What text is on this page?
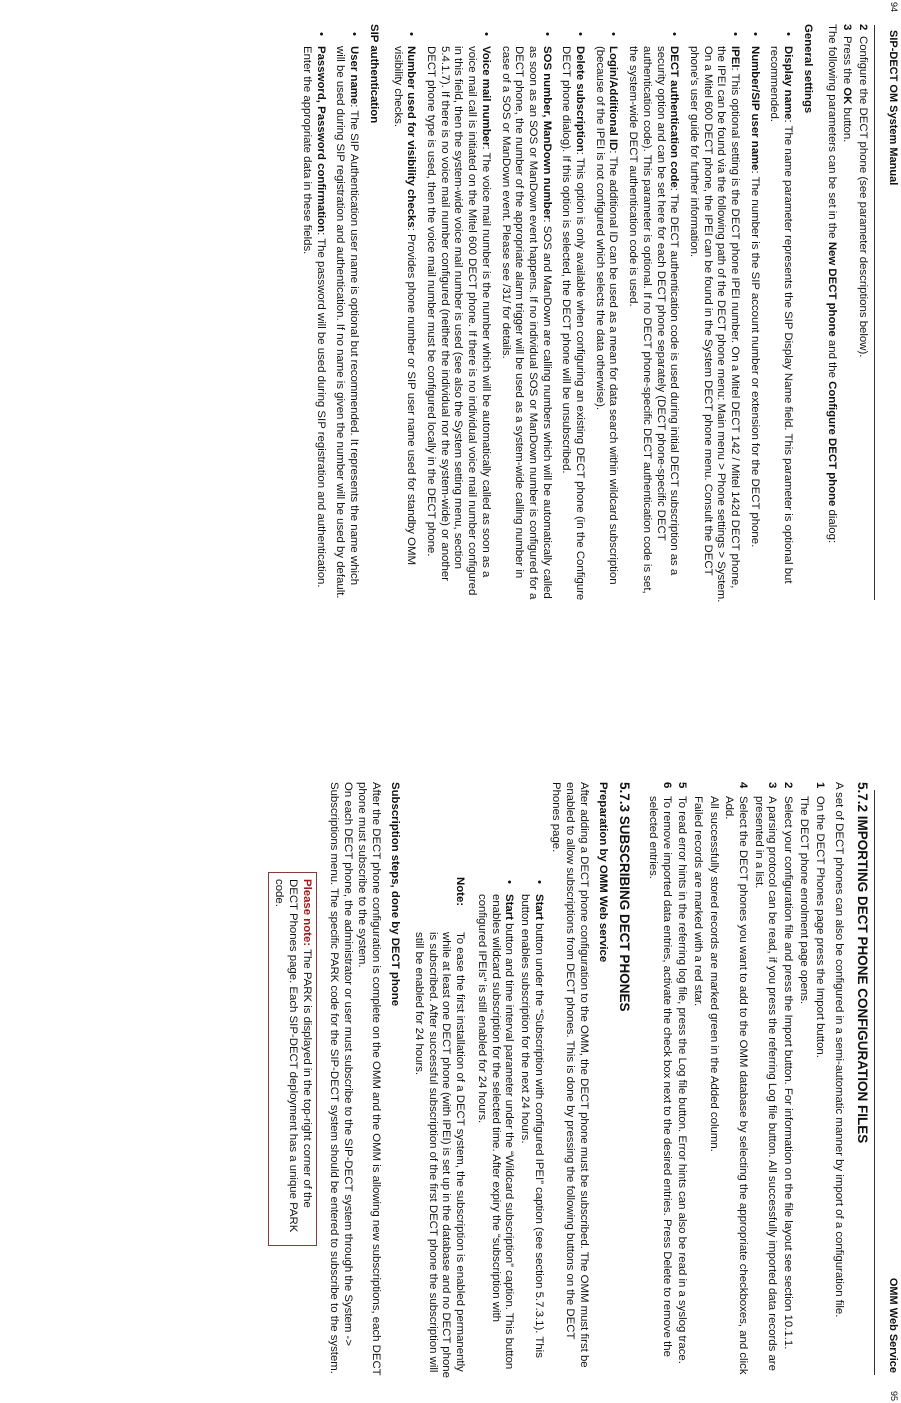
94
SIP-DECT OM System Manual
2
Configure the DECT phone (see parameter descriptions below).
3
Press the OK button.

The following parameters can be set in the New DECT phone and the Configure DECT phone dialog:

General settings
• Display name: The name parameter represents the SIP Display Name field. This parameter is optional but recommended.
• Number/SIP user name: The number is the SIP account number or extension for the DECT phone.
• IPEI: This optional setting is the DECT phone IPEI number. On a Mitel DECT 142 / Mitel 142d DECT phone, the IPEI can be found via the following path of the DECT phone menu: Main menu > Phone settings > System. On a Mitel 600 DECT phone, the IPEI can be found in the System DECT phone menu. Consult the DECT phone's user guide for further information.
• DECT authentication code: The DECT authentication code is used during initial DECT subscription as a security option and can be set here for each DECT phone separately (DECT phone-specific DECT authentication code). This parameter is optional. If no DECT phone-specific DECT authentication code is set, the system-wide DECT authentication code is used.
• Login/Additional ID: The additional ID can be used as a mean for data search within wildcard subscription (because of the IPEI is not configured which selects the data otherwise).
• Delete subscription: This option is only available when configuring an existing DECT phone (in the Configure DECT phone dialog). If this option is selected, the DECT phone will be unsubscribed.
• SOS number, ManDown number: SOS and ManDown are calling numbers which will be automatically called as soon as an SOS or ManDown event happens. If no individual SOS or ManDown number is configured for a DECT phone, the number of the appropriate alarm trigger will be used as a system-wide calling number in case of a SOS or ManDown event. Please see /31/ for details.
• Voice mail number: The voice mail number is the number which will be automatically called as soon as a voice mail call is initiated on the Mitel 600 DECT phone. If there is no individual voice mail number configured in this field, then the system-wide voice mail number is used (see also the System setting menu, section 5.4.1.7). If there is no voice mail number configured (neither the individual nor the system-wide) or another DECT phone type is used, then the voice mail number must be configured locally in the DECT phone.
• Number used for visibility checks: Provides phone number or SIP user name used for standby OMM visibility checks.
SIP authentication
• User name: The SIP Authentication user name is optional but recommended. It represents the name which will be used during SIP registration and authentication. If no name is given the number will be used by default.
• Password, Password confirmation: The password will be used during SIP registration and authentication. Enter the appropriate data in these fields.
95
OMM Web Service
5.7.2 IMPORTING DECT PHONE CONFIGURATION FILES

A set of DECT phones can also be configured in a semi-automatic manner by import of a configuration file.

1
On the DECT Phones page press the Import button.
The DECT phone enrolment page opens.
2
Select your configuration file and press the Import button. For information on the file layout see section 10.1.1.
3
A parsing protocol can be read, if you press the referring Log file button. All successfully imported data records are presented in a list.
4
Select the DECT phones you want to add to the OMM database by selecting the appropriate checkboxes, and click Add.
All successfully stored records are marked green in the Added column.
Failed records are marked with a red star.
5
To read error hints in the referring log file, press the Log file button. Error hints can also be read in a syslog trace.
6
To remove imported data entries, activate the check box next to the desired entries. Press Delete to remove the selected entries.
5.7.3 SUBSCRIBING DECT PHONES
Preparation by OMM Web service

After adding a DECT phone configuration to the OMM, the DECT phone must be subscribed. The OMM must first be enabled to allow subscriptions from DECT phones. This is done by pressing the following buttons on the DECT Phones page.

• Start button under the “Subscription with configured IPEI” caption (see section 5.7.3.1). This button enables subscription for the next 24 hours.
• Start button and time interval parameter under the “Wildcard subscription” caption. This button enables wildcard subscription for the selected time. After expiry the “subscription with configured IPEIs” is still enabled for 24 hours.
Note:
To ease the first installation of a DECT system, the subscription is enabled permanently while at least one DECT phone (with IPEI) is set up in the database and no DECT phone is subscribed. After successful subscription of the first DECT phone the subscription will still be enabled for 24 hours.
Subscription steps, done by DECT phone

After the DECT phone configuration is complete on the OMM and the OMM is allowing new subscriptions, each DECT phone must subscribe to the system.

On each DECT phone, the administrator or user must subscribe to the SIP-DECT system through the System -> Subscriptions menu. The specific PARK code for the SIP-DECT system should be entered to subscribe to the system.

Please note: The PARK is displayed in the top-right corner of the DECT Phones page. Each SIP-DECT deployment has a unique PARK code.
